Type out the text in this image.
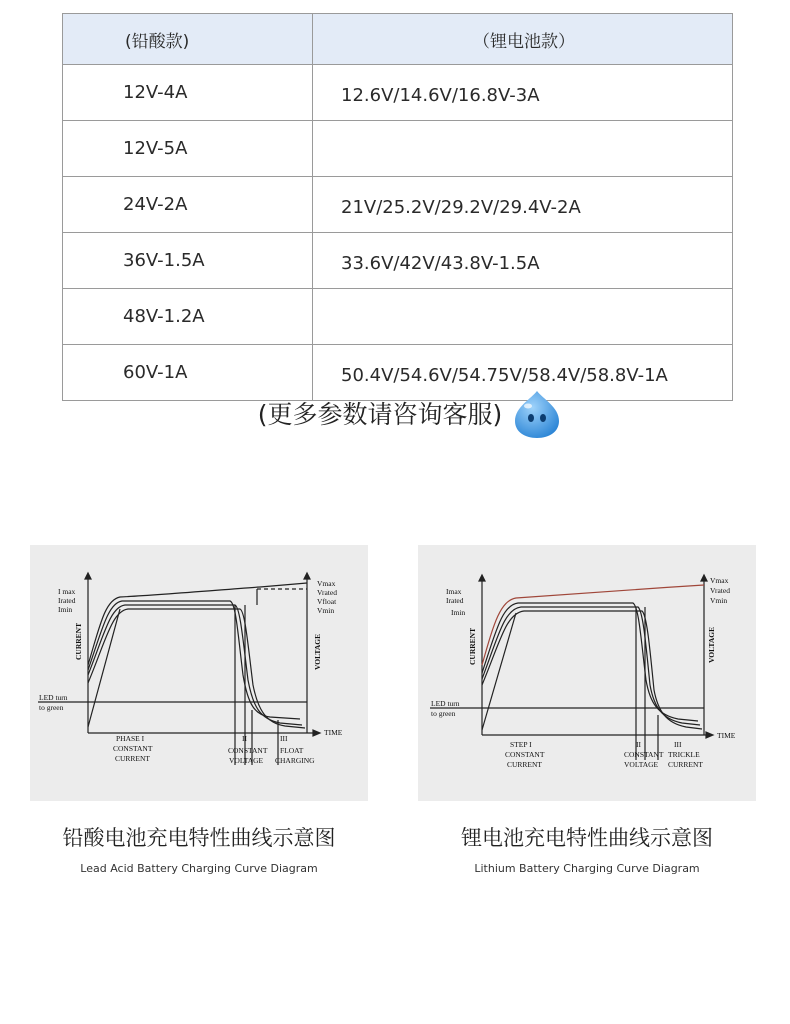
(铅酸款)	（锂电池款）
12V-4A	12.6V/14.6V/16.8V-3A
12V-5A	
24V-2A	21V/25.2V/29.2V/29.4V-2A
36V-1.5A	33.6V/42V/43.8V-1.5A
48V-1.2A	
60V-1A	50.4V/54.6V/54.75V/58.4V/58.8V-1A
(更多参数请咨询客服)
I max
Irated
Imin
CURRENT	VOLTAGE
Vmax
Vrated
Vfloat
Vmin
LED turn
to green
TIME
PHASE I
CONSTANT
CURRENT
II
CONSTANT
VOLTAGE
III
FLOAT
CHARGING
Imax
Irated
Imin
CURRENT	VOLTAGE
Vmax
Vrated
Vmin
LED turn
to green
TIME
STEP I
CONSTANT
CURRENT
II
CONSTANT
VOLTAGE
III
TRICKLE
CURRENT
铅酸电池充电特性曲线示意图
Lead Acid Battery Charging Curve Diagram
锂电池充电特性曲线示意图
Lithium Battery Charging Curve Diagram
